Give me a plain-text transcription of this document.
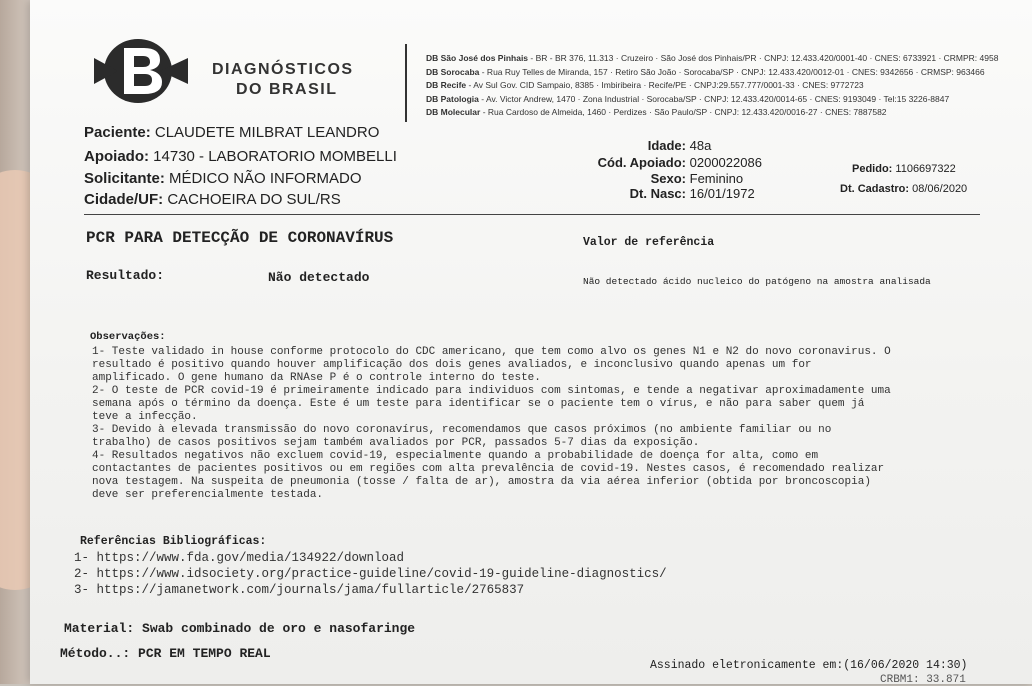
DIAGNÓSTICOS
DO BRASIL
DB São José dos Pinhais - BR - BR 376, 11.313 · Cruzeiro · São José dos Pinhais/PR · CNPJ: 12.433.420/0001-40 · CNES: 6733921 · CRMPR: 4958
DB Sorocaba - Rua Ruy Telles de Miranda, 157 · Retiro São João · Sorocaba/SP · CNPJ: 12.433.420/0012-01 · CNES: 9342656 · CRMSP: 963466
DB Recife - Av Sul Gov. CID Sampaio, 8385 · Imbiribeira · Recife/PE · CNPJ:29.557.777/0001-33 · CNES: 9772723
DB Patologia - Av. Victor Andrew, 1470 · Zona Industrial · Sorocaba/SP · CNPJ: 12.433.420/0014-65 · CNES: 9193049 · Tel:15 3226-8847
DB Molecular - Rua Cardoso de Almeida, 1460 · Perdizes · São Paulo/SP · CNPJ: 12.433.420/0016-27 · CNES: 7887582
Paciente: CLAUDETE MILBRAT LEANDRO
Apoiado: 14730 - LABORATORIO MOMBELLI
Solicitante: MÉDICO NÃO INFORMADO
Cidade/UF: CACHOEIRA DO SUL/RS
Idade: 48a
Cód. Apoiado: 0200022086
Sexo: Feminino
Dt. Nasc: 16/01/1972
Pedido: 1106697322
Dt. Cadastro: 08/06/2020
PCR PARA DETECÇÃO DE CORONAVÍRUS	Valor de referência
Resultado:	Não detectado	Não detectado ácido nucleico do patógeno na amostra analisada
Observações:
1- Teste validado in house conforme protocolo do CDC americano, que tem como alvo os genes N1 e N2 do novo coronavirus. O
resultado é positivo quando houver amplificação dos dois genes avaliados, e inconclusivo quando apenas um for
amplificado. O gene humano da RNAse P é o controle interno do teste.
2- O teste de PCR covid-19 é primeiramente indicado para individuos com sintomas, e tende a negativar aproximadamente uma
semana após o término da doença. Este é um teste para identificar se o paciente tem o vírus, e não para saber quem já
teve a infecção.
3- Devido à elevada transmissão do novo coronavírus, recomendamos que casos próximos (no ambiente familiar ou no
trabalho) de casos positivos sejam também avaliados por PCR, passados 5-7 dias da exposição.
4- Resultados negativos não excluem covid-19, especialmente quando a probabilidade de doença for alta, como em
contactantes de pacientes positivos ou em regiões com alta prevalência de covid-19. Nestes casos, é recomendado realizar
nova testagem. Na suspeita de pneumonia (tosse / falta de ar), amostra da via aérea inferior (obtida por broncoscopia)
deve ser preferencialmente testada.
Referências Bibliográficas:
1- https://www.fda.gov/media/134922/download
2- https://www.idsociety.org/practice-guideline/covid-19-guideline-diagnostics/
3- https://jamanetwork.com/journals/jama/fullarticle/2765837
Material: Swab combinado de oro e nasofaringe
Método..: PCR EM TEMPO REAL
Assinado eletronicamente em:(16/06/2020 14:30)
CRBM1: 33.871
